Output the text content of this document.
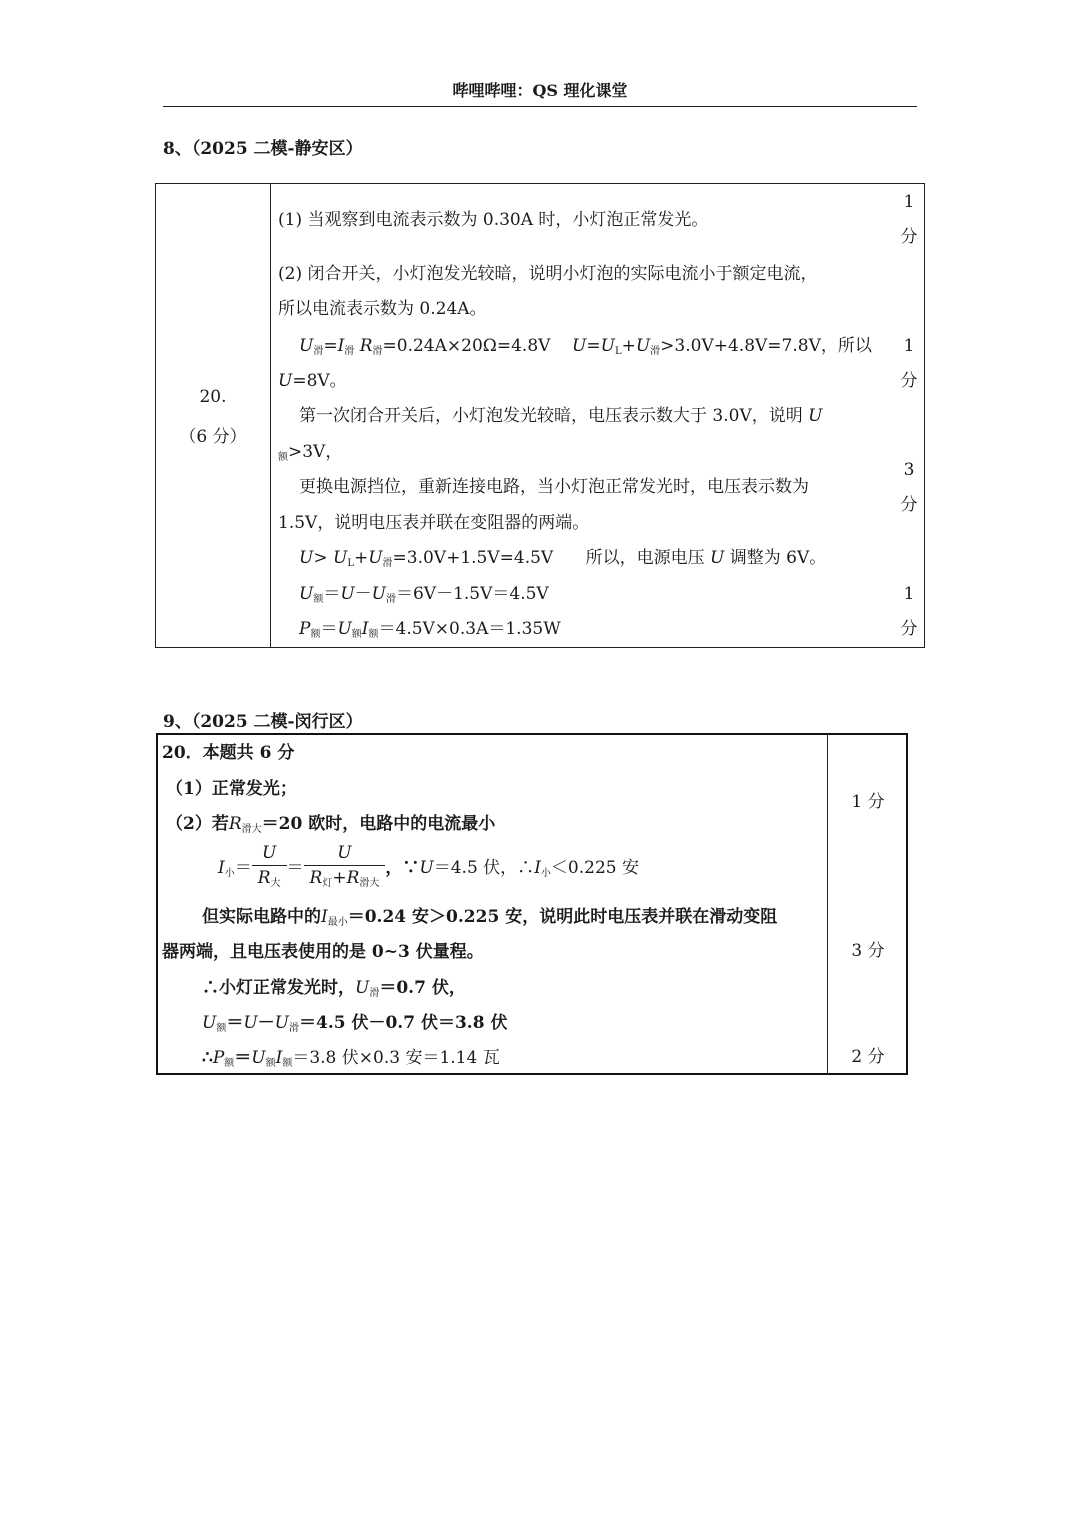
哔哩哔哩：QS 理化课堂
8、（2025 二模-静安区）
20.
（6 分）
(1) 当观察到电流表示数为 0.30A 时，小灯泡正常发光。
(2) 闭合开关，小灯泡发光较暗，说明小灯泡的实际电流小于额定电流，
所以电流表示数为 0.24A。
$U_滑=I_滑$ $R_滑=0.24A\times 20\Omega=4.8V$ $U=U_L+U_滑>3.0V+4.8V=7.8V$，所以
U=8V。
第一次闭合开关后，小灯泡发光较暗，电压表示数大于 3.0V，说明 U
$_额$>3V，
更换电源挡位，重新连接电路，当小灯泡正常发光时，电压表示数为
1.5V，说明电压表并联在变阻器的两端。
$U> U_L+U_滑=3.0V+1.5V=4.5V$ 所以，电源电压 U 调整为 6V。
$U_额=U-U_滑=6V-1.5V=4.5V$
$P_额=U_额I_额=4.5V\times 0.3A=1.35W$
1
分
1
分
3
分
1
分
9、（2025 二模-闵行区）
20．本题共 6 分
（1）正常发光；
（2）若$R_{滑大}=20$ 欧时，电路中的电流最小
$I_小= \frac{U}{R_大} = \frac{U}{R_灯+R_{滑大}}$ ，∵U＝4.5 伏，$\therefore I_小<0.225$ 安
但实际电路中的$I_{最小}=0.24$ 安＞0.225 安，说明此时电压表并联在滑动变阻
器两端，且电压表使用的是 0~3 伏量程。
∴小灯正常发光时，$U_滑=0.7$ 伏，
$U_额=U-U_滑=4.5$ 伏－0.7 伏＝3.8 伏
$\therefore P_额=U_额I_额=3.8$ 伏×0.3 安＝1.14 瓦
1 分
3 分
2 分
